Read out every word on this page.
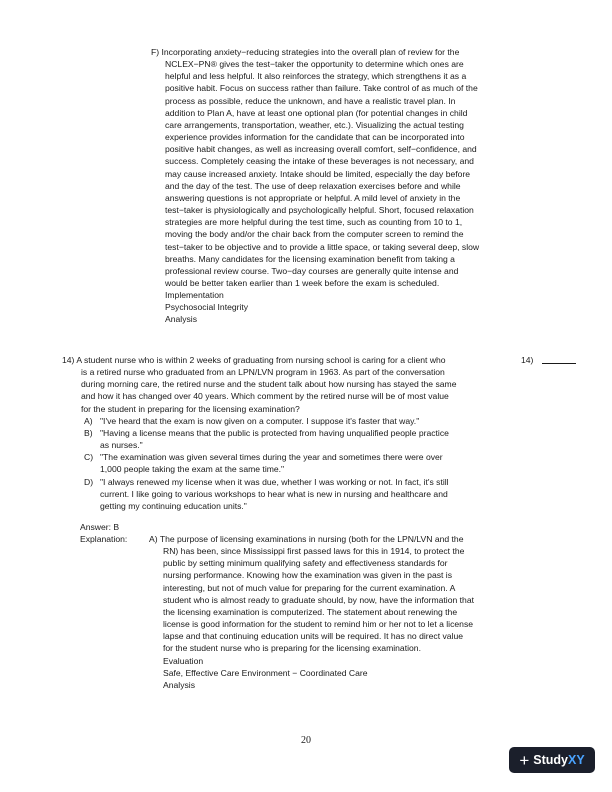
F) Incorporating anxiety−reducing strategies into the overall plan of review for the
NCLEX−PN® gives the test−taker the opportunity to determine which ones are
helpful and less helpful. It also reinforces the strategy, which strengthens it as a
positive habit. Focus on success rather than failure. Take control of as much of the
process as possible, reduce the unknown, and have a realistic travel plan. In
addition to Plan A, have at least one optional plan (for potential changes in child
care arrangements, transportation, weather, etc.). Visualizing the actual testing
experience provides information for the candidate that can be incorporated into
positive habit changes, as well as increasing overall comfort, self−confidence, and
success. Completely ceasing the intake of these beverages is not necessary, and
may cause increased anxiety. Intake should be limited, especially the day before
and the day of the test. The use of deep relaxation exercises before and while
answering questions is not appropriate or helpful. A mild level of anxiety in the
test−taker is physiologically and psychologically helpful. Short, focused relaxation
strategies are more helpful during the test time, such as counting from 10 to 1,
moving the body and/or the chair back from the computer screen to remind the
test−taker to be objective and to provide a little space, or taking several deep, slow
breaths. Many candidates for the licensing examination benefit from taking a
professional review course. Two−day courses are generally quite intense and
would be better taken earlier than 1 week before the exam is scheduled.
Implementation
Psychosocial Integrity
Analysis
14) A student nurse who is within 2 weeks of graduating from nursing school is caring for a client who
is a retired nurse who graduated from an LPN/LVN program in 1963. As part of the conversation
during morning care, the retired nurse and the student talk about how nursing has stayed the same
and how it has changed over 40 years. Which comment by the retired nurse will be of most value
for the student in preparing for the licensing examination?
A) "I've heard that the exam is now given on a computer. I suppose it's faster that way."
B) "Having a license means that the public is protected from having unqualified people practice
as nurses."
C) "The examination was given several times during the year and sometimes there were over
1,000 people taking the exam at the same time."
D) "I always renewed my license when it was due, whether I was working or not. In fact, it's still
current. I like going to various workshops to hear what is new in nursing and healthcare and
getting my continuing education units."
14)
Answer: B
Explanation:	A) The purpose of licensing examinations in nursing (both for the LPN/LVN and the
RN) has been, since Mississippi first passed laws for this in 1914, to protect the
public by setting minimum qualifying safety and effectiveness standards for
nursing performance. Knowing how the examination was given in the past is
interesting, but not of much value for preparing for the current examination. A
student who is almost ready to graduate should, by now, have the information that
the licensing examination is computerized. The statement about renewing the
license is good information for the student to remind him or her not to let a license
lapse and that continuing education units will be required. It has no direct value
for the student nurse who is preparing for the licensing examination.
Evaluation
Safe, Effective Care Environment − Coordinated Care
Analysis
20
+ StudyXY
